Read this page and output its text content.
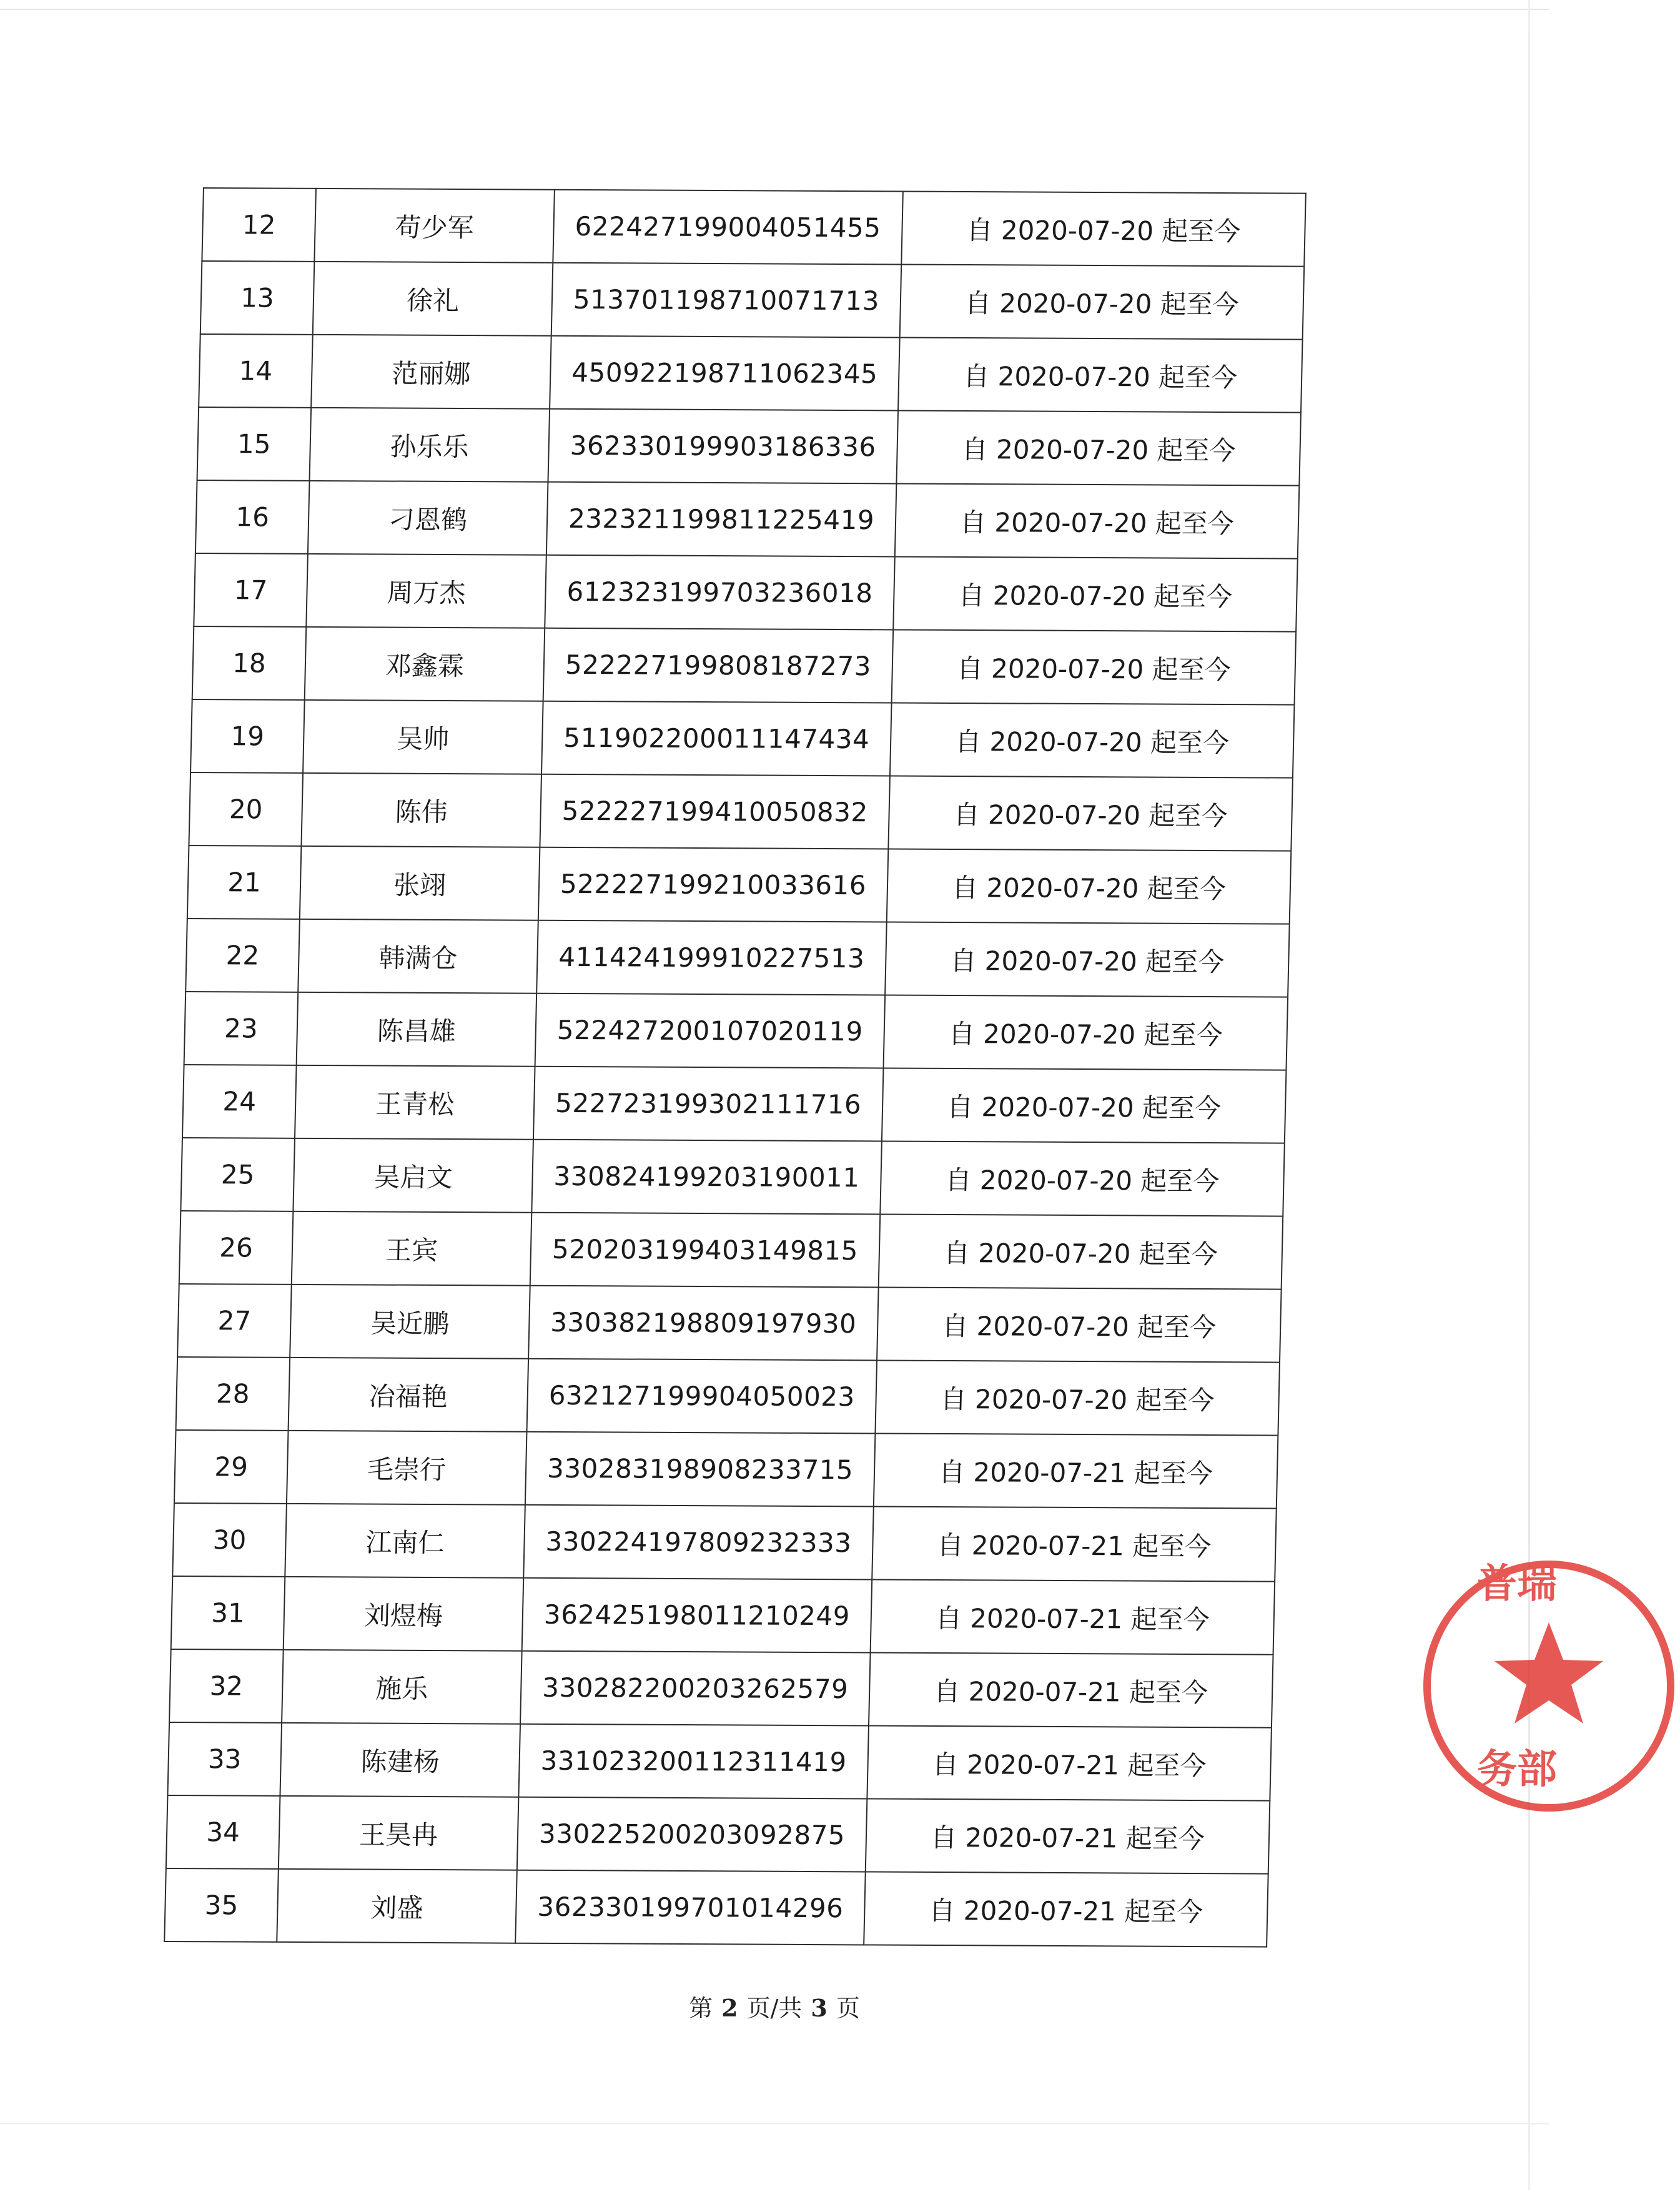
12	苟少军	622427199004051455	自 2020-07-20 起至今
13	徐礼	513701198710071713	自 2020-07-20 起至今
14	范丽娜	450922198711062345	自 2020-07-20 起至今
15	孙乐乐	362330199903186336	自 2020-07-20 起至今
16	刁恩鹤	232321199811225419	自 2020-07-20 起至今
17	周万杰	612323199703236018	自 2020-07-20 起至今
18	邓鑫霖	522227199808187273	自 2020-07-20 起至今
19	吴帅	511902200011147434	自 2020-07-20 起至今
20	陈伟	522227199410050832	自 2020-07-20 起至今
21	张翊	522227199210033616	自 2020-07-20 起至今
22	韩满仓	411424199910227513	自 2020-07-20 起至今
23	陈昌雄	522427200107020119	自 2020-07-20 起至今
24	王青松	522723199302111716	自 2020-07-20 起至今
25	吴启文	330824199203190011	自 2020-07-20 起至今
26	王宾	520203199403149815	自 2020-07-20 起至今
27	吴近鹏	330382198809197930	自 2020-07-20 起至今
28	冶福艳	632127199904050023	自 2020-07-20 起至今
29	毛崇行	330283198908233715	自 2020-07-21 起至今
30	江南仁	330224197809232333	自 2020-07-21 起至今
31	刘煜梅	362425198011210249	自 2020-07-21 起至今
32	施乐	330282200203262579	自 2020-07-21 起至今
33	陈建杨	331023200112311419	自 2020-07-21 起至今
34	王昊冉	330225200203092875	自 2020-07-21 起至今
35	刘盛	362330199701014296	自 2020-07-21 起至今
第 2 页/共 3 页
普瑞
务部
